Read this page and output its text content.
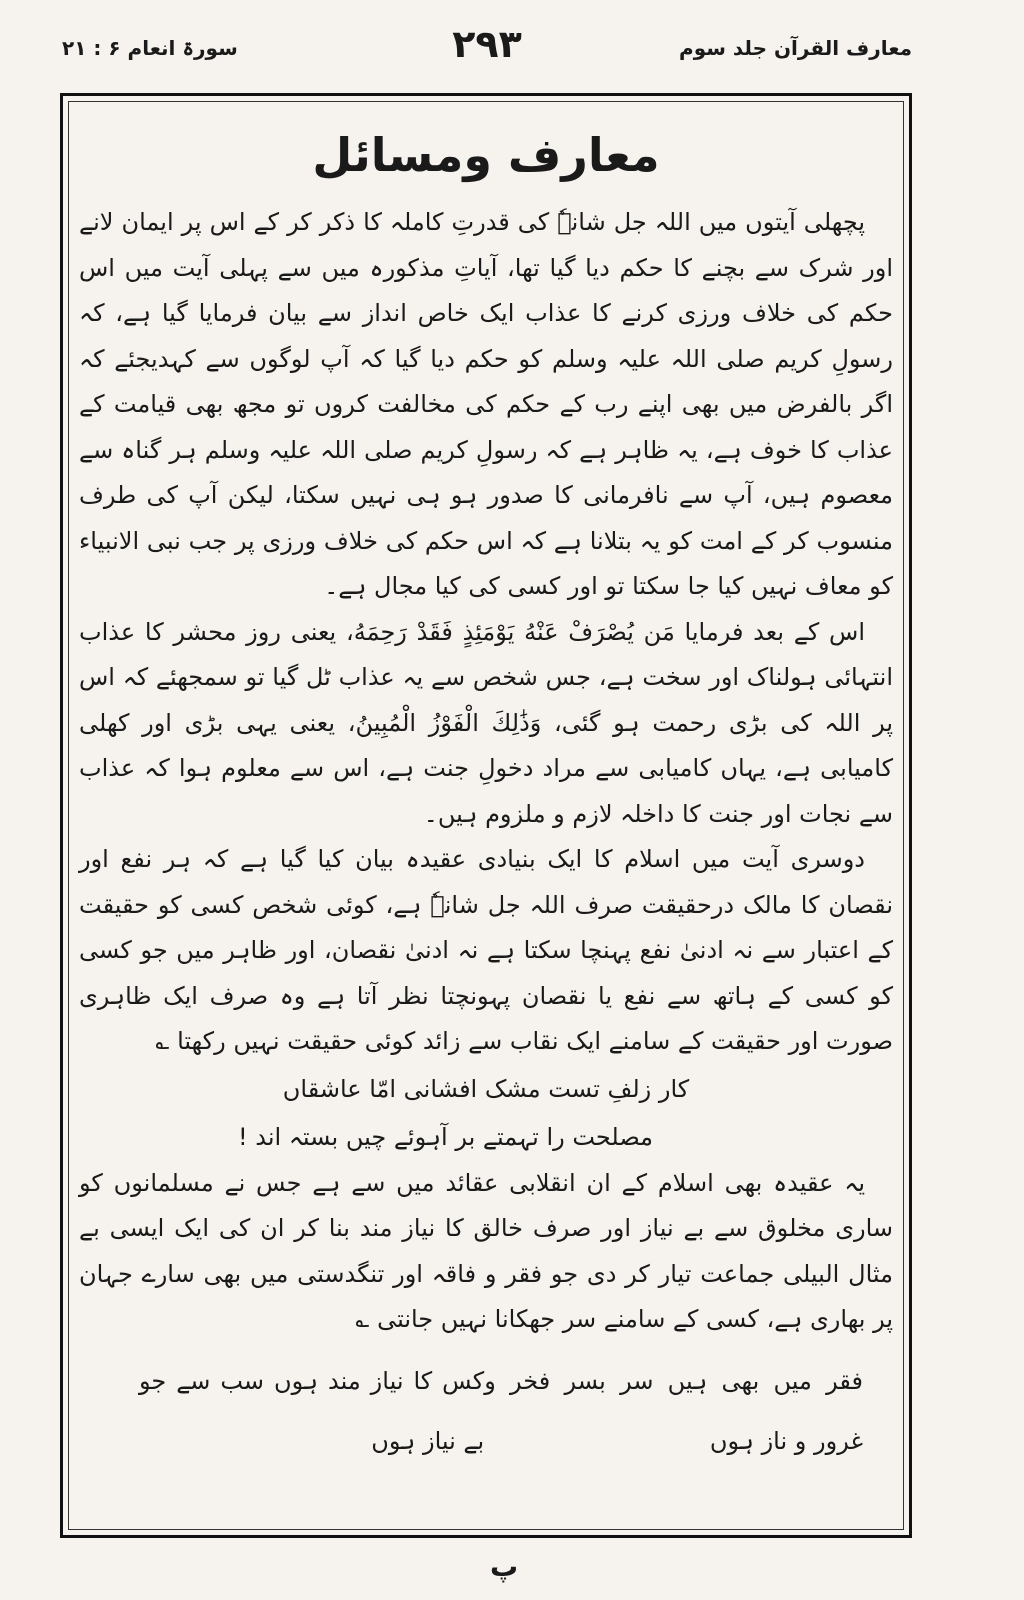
معارف القرآن جلد سوم
۲۹۳
سورۃ انعام ۶ : ۲۱
معارف ومسائل

پچھلی آیتوں میں اللہ جل شانہٗ کی قدرتِ کاملہ کا ذکر کر کے اس پر ایمان لانے اور شرک سے بچنے کا حکم دیا گیا تھا، آیاتِ مذکورہ میں سے پہلی آیت میں اس حکم کی خلاف ورزی کرنے کا عذاب ایک خاص انداز سے بیان فرمایا گیا ہے، کہ رسولِ کریم صلی اللہ علیہ وسلم کو حکم دیا گیا کہ آپ لوگوں سے کہدیجئے کہ اگر بالفرض میں بھی اپنے رب کے حکم کی مخالفت کروں تو مجھ بھی قیامت کے عذاب کا خوف ہے، یہ ظاہر ہے کہ رسولِ کریم صلی اللہ علیہ وسلم ہر گناہ سے معصوم ہیں، آپ سے نافرمانی کا صدور ہو ہی نہیں سکتا، لیکن آپ کی طرف منسوب کر کے امت کو یہ بتلانا ہے کہ اس حکم کی خلاف ورزی پر جب نبی الانبیاء کو معاف نہیں کیا جا سکتا تو اور کسی کی کیا مجال ہے۔

اس کے بعد فرمایا مَن يُصْرَفْ عَنْهُ يَوْمَئِذٍ فَقَدْ رَحِمَهُ، یعنی روز محشر کا عذاب انتہائی ہولناک اور سخت ہے، جس شخص سے یہ عذاب ٹل گیا تو سمجھئے کہ اس پر اللہ کی بڑی رحمت ہو گئی، وَذَٰلِكَ الْفَوْزُ الْمُبِينُ، یعنی یہی بڑی اور کھلی کامیابی ہے، یہاں کامیابی سے مراد دخولِ جنت ہے، اس سے معلوم ہوا کہ عذاب سے نجات اور جنت کا داخلہ لازم و ملزوم ہیں۔

دوسری آیت میں اسلام کا ایک بنیادی عقیدہ بیان کیا گیا ہے کہ ہر نفع اور نقصان کا مالک درحقیقت صرف اللہ جل شانہٗ ہے، کوئی شخص کسی کو حقیقت کے اعتبار سے نہ ادنیٰ نفع پہنچا سکتا ہے نہ ادنیٰ نقصان، اور ظاہر میں جو کسی کو کسی کے ہاتھ سے نفع یا نقصان پہونچتا نظر آتا ہے وہ صرف ایک ظاہری صورت اور حقیقت کے سامنے ایک نقاب سے زائد کوئی حقیقت نہیں رکھتا ؎

کار زلفِ تست مشک افشانی امّا عاشقاں

مصلحت را تہمتے بر آہوئے چیں بستہ اند !

یہ عقیدہ بھی اسلام کے ان انقلابی عقائد میں سے ہے جس نے مسلمانوں کو ساری مخلوق سے بے نیاز اور صرف خالق کا نیاز مند بنا کر ان کی ایک ایسی بے مثال البیلی جماعت تیار کر دی جو فقر و فاقہ اور تنگدستی میں بھی سارے جہان پر بھاری ہے، کسی کے سامنے سر جھکانا نہیں جانتی ؎

فقر میں بھی ہیں سر بسر فخر و غرور و ناز ہوں
کس کا نیاز مند ہوں سب سے جو بے نیاز ہوں
پ
